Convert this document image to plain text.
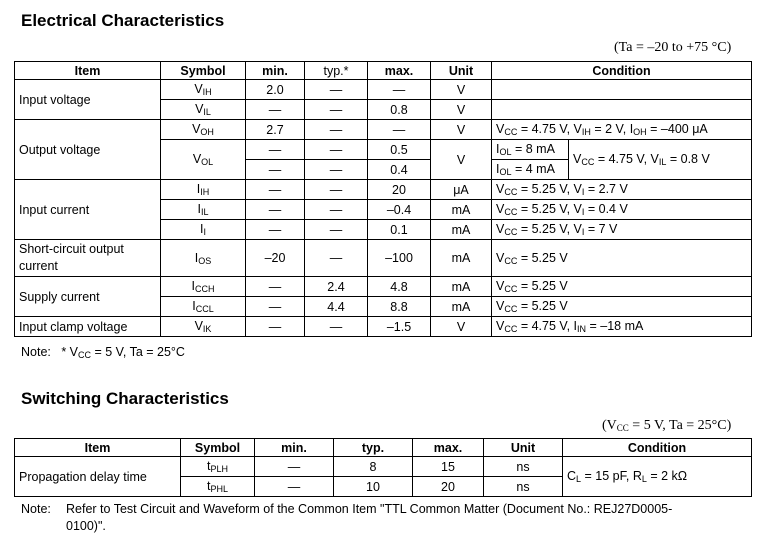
Electrical Characteristics
(Ta = –20 to +75 °C)
Item	Symbol	min.	typ.*	max.	Unit	Condition	
Input voltage	$V_{IH}$	2.0	—	—	V		
	$V_{IL}$	—	—	0.8	V		
Output voltage	$V_{OH}$	2.7	—	—	V	$V_{CC} = 4.75$ V, $V_{IH} = 2$ V, $I_{OH} = -400$ μA	
	$V_{OL}$	—	—	0.5	V	$I_{OL} = 8$ mA	$V_{CC} = 4.75$ V, $V_{IL} = 0.8$ V
		—	—	0.4		$I_{OL} = 4$ mA	
Input current	$I_{IH}$	—	—	20	μA	$V_{CC} = 5.25$ V, $V_I = 2.7$ V	
	$I_{IL}$	—	—	–0.4	mA	$V_{CC} = 5.25$ V, $V_I = 0.4$ V	
	$I_I$	—	—	0.1	mA	$V_{CC} = 5.25$ V, $V_I = 7$ V	
Short-circuit output current	$I_{OS}$	–20	—	–100	mA	$V_{CC} = 5.25$ V	
Supply current	$I_{CCH}$	—	2.4	4.8	mA	$V_{CC} = 5.25$ V	
	$I_{CCL}$	—	4.4	8.8	mA	$V_{CC} = 5.25$ V	
Input clamp voltage	$V_{IK}$	—	—	–1.5	V	$V_{CC} = 4.75$ V, $I_{IN} = -18$ mA	
Note: * $V_{CC} = 5$ V, Ta = 25°C
Switching Characteristics
($V_{CC} = 5$ V, Ta = 25°C)
Item	Symbol	min.	typ.	max.	Unit	Condition
Propagation delay time	$t_{PLH}$	—	8	15	ns	$C_L = 15$ pF, $R_L = 2$ kΩ
	$t_{PHL}$	—	10	20	ns	
Note: Refer to Test Circuit and Waveform of the Common Item "TTL Common Matter (Document No.: REJ27D0005-
0100)".
